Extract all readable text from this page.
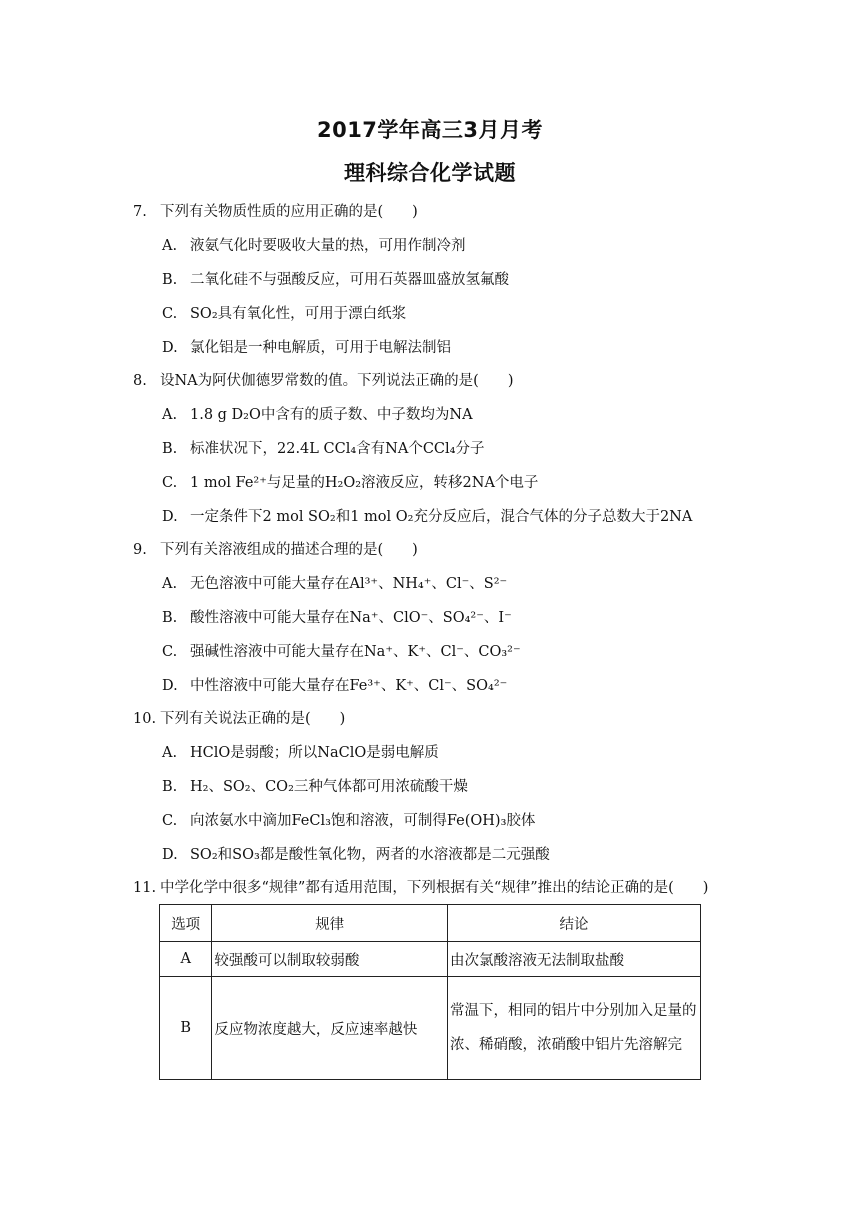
2017学年高三3月月考
理科综合化学试题
7. 下列有关物质性质的应用正确的是(　　)
A. 液氨气化时要吸收大量的热，可用作制冷剂
B. 二氧化硅不与强酸反应，可用石英器皿盛放氢氟酸
C. SO₂具有氧化性，可用于漂白纸浆
D. 氯化铝是一种电解质，可用于电解法制铝
8. 设NA为阿伏伽德罗常数的值。下列说法正确的是(　　)
A. 1.8 g D₂O中含有的质子数、中子数均为NA
B. 标准状况下，22.4L CCl₄含有NA个CCl₄分子
C. 1 mol Fe²⁺与足量的H₂O₂溶液反应，转移2NA个电子
D. 一定条件下2 mol SO₂和1 mol O₂充分反应后，混合气体的分子总数大于2NA
9. 下列有关溶液组成的描述合理的是(　　)
A. 无色溶液中可能大量存在Al³⁺、NH₄⁺、Cl⁻、S²⁻
B. 酸性溶液中可能大量存在Na⁺、ClO⁻、SO₄²⁻、I⁻
C. 强碱性溶液中可能大量存在Na⁺、K⁺、Cl⁻、CO₃²⁻
D. 中性溶液中可能大量存在Fe³⁺、K⁺、Cl⁻、SO₄²⁻
10. 下列有关说法正确的是(　　)
A. HClO是弱酸；所以NaClO是弱电解质
B. H₂、SO₂、CO₂三种气体都可用浓硫酸干燥
C. 向浓氨水中滴加FeCl₃饱和溶液，可制得Fe(OH)₃胶体
D. SO₂和SO₃都是酸性氧化物，两者的水溶液都是二元强酸
11. 中学化学中很多“规律”都有适用范围，下列根据有关“规律”推出的结论正确的是(　　)
选项	规律	结论
A	较强酸可以制取较弱酸	由次氯酸溶液无法制取盐酸
B	反应物浓度越大，反应速率越快	常温下，相同的铝片中分别加入足量的浓、稀硝酸，浓硝酸中铝片先溶解完
